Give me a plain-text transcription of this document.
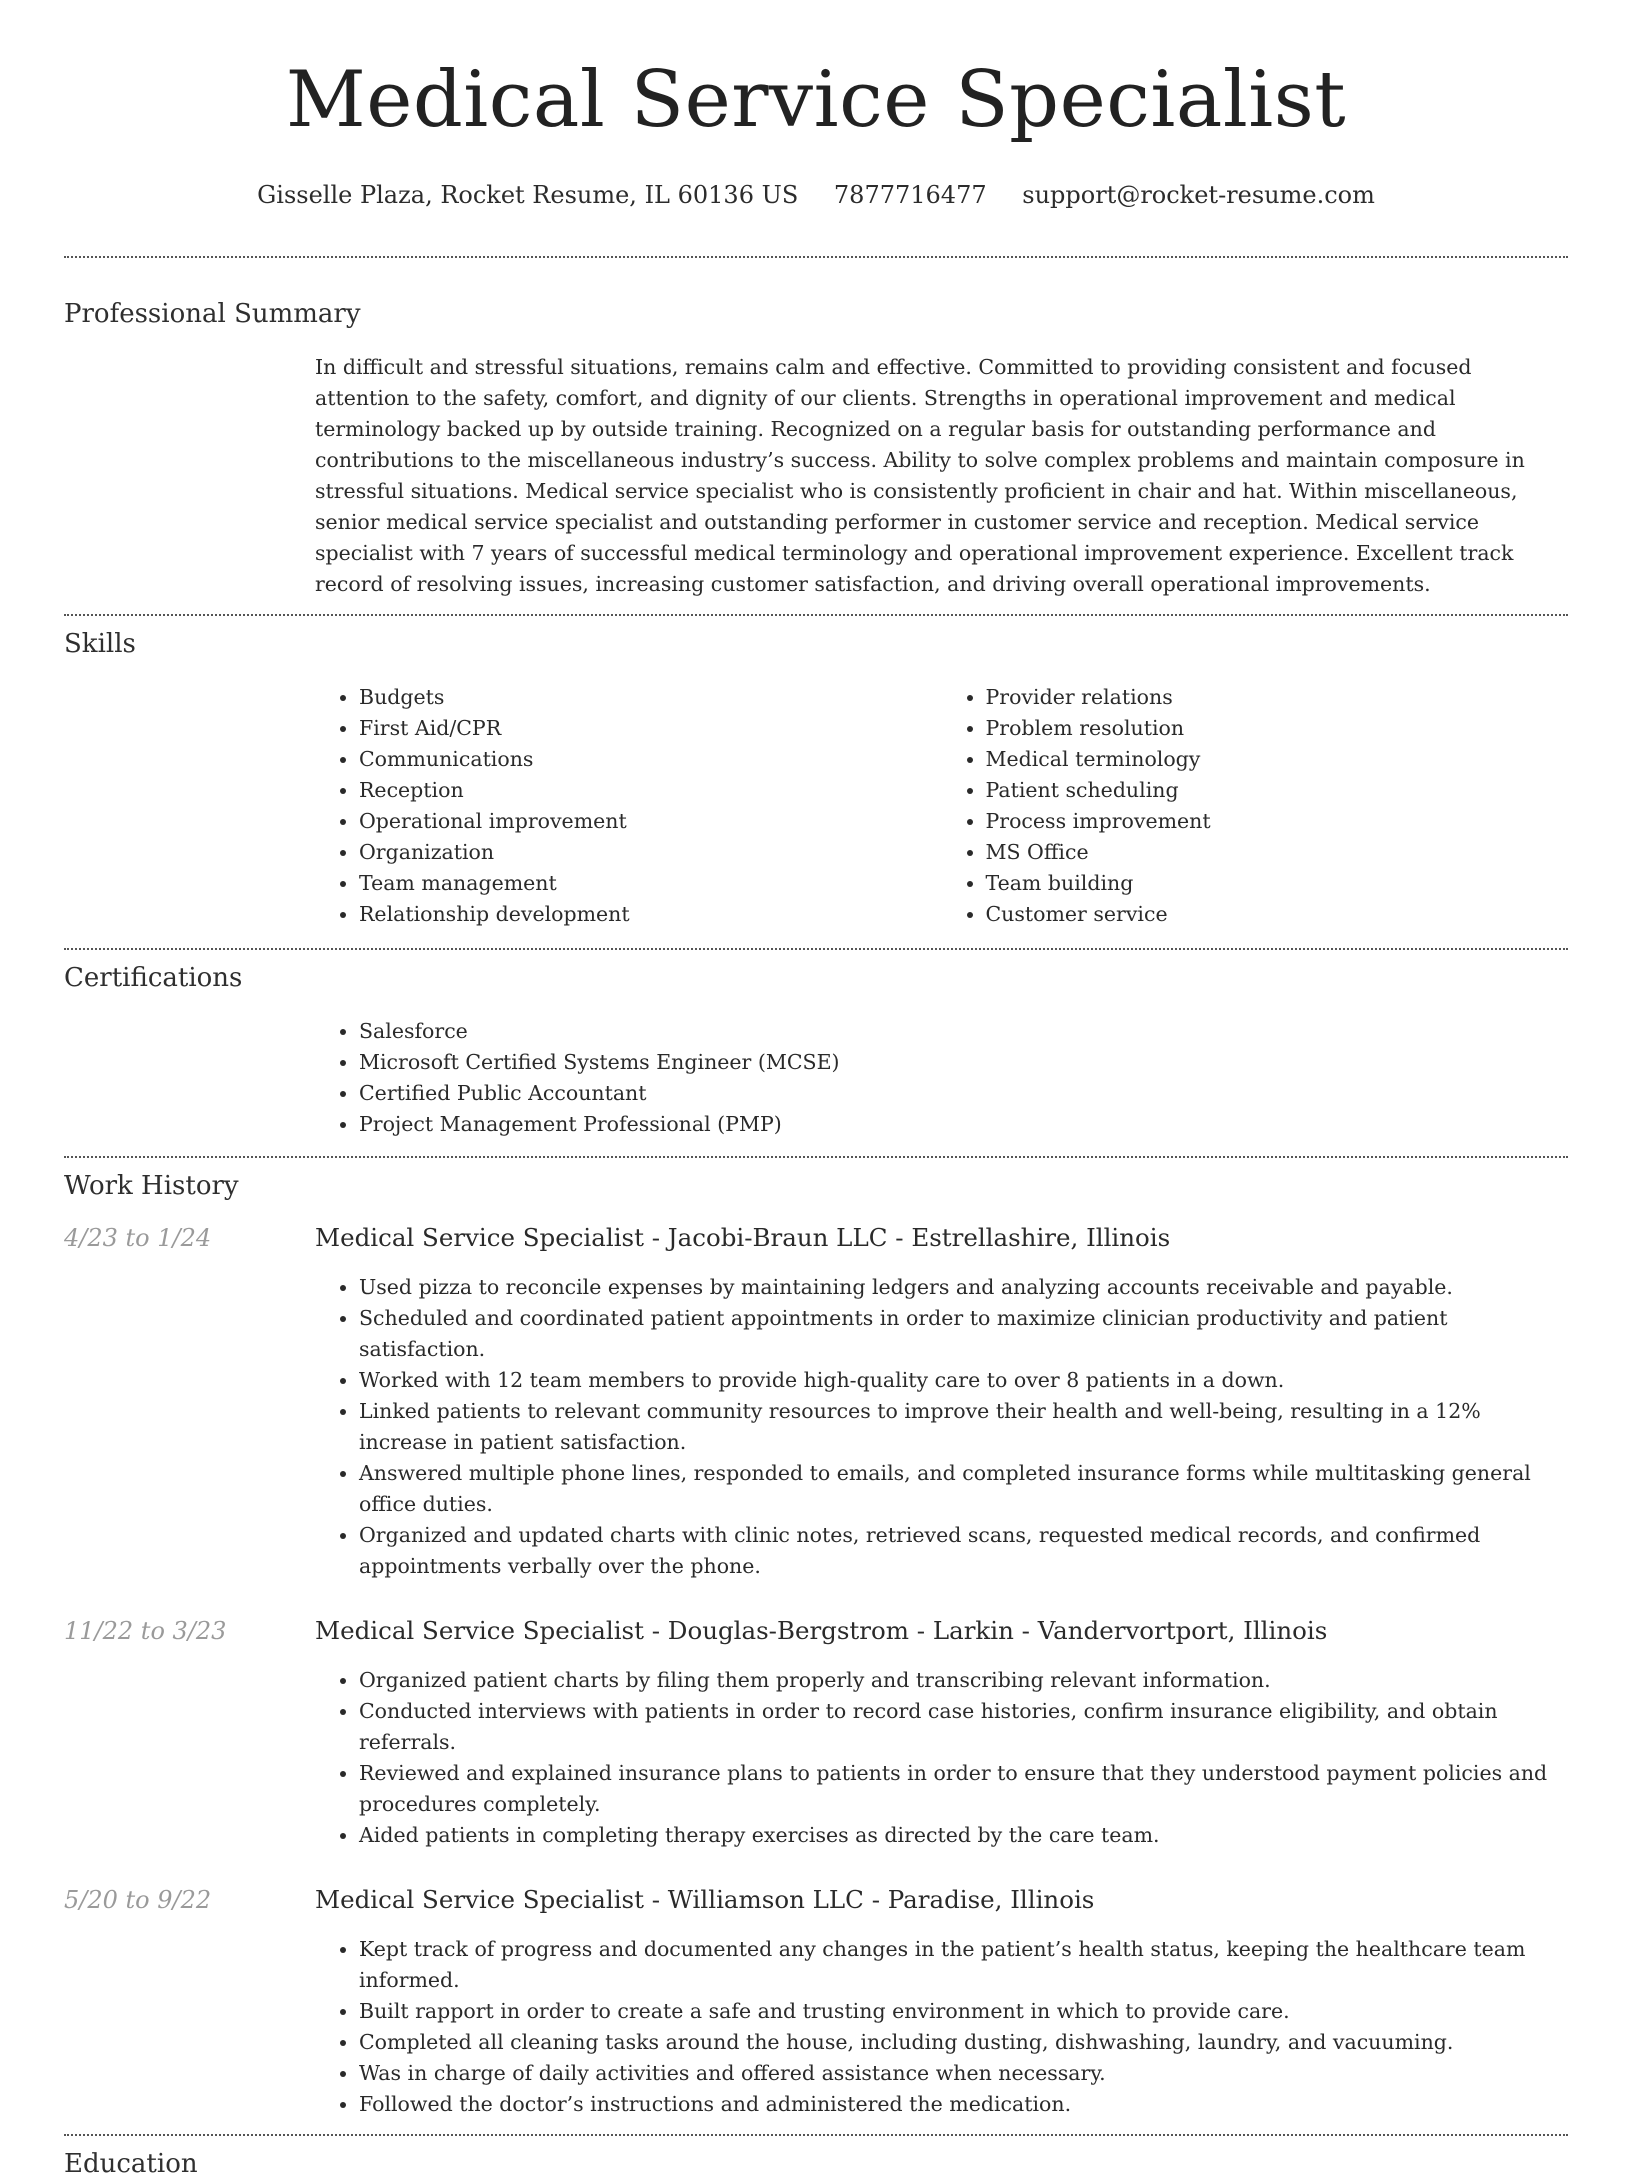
Medical Service Specialist
Gisselle Plaza, Rocket Resume, IL 60136 US 7877716477 support@rocket-resume.com
Professional Summary

In difficult and stressful situations, remains calm and effective. Committed to providing consistent and focused attention to the safety, comfort, and dignity of our clients. Strengths in operational improvement and medical terminology backed up by outside training. Recognized on a regular basis for outstanding performance and contributions to the miscellaneous industry’s success. Ability to solve complex problems and maintain composure in stressful situations. Medical service specialist who is consistently proficient in chair and hat. Within miscellaneous, senior medical service specialist and outstanding performer in customer service and reception. Medical service specialist with 7 years of successful medical terminology and operational improvement experience. Excellent track record of resolving issues, increasing customer satisfaction, and driving overall operational improvements.

Skills
• Budgets
• First Aid/CPR
• Communications
• Reception
• Operational improvement
• Organization
• Team management
• Relationship development
• Provider relations
• Problem resolution
• Medical terminology
• Patient scheduling
• Process improvement
• MS Office
• Team building
• Customer service
Certifications
• Salesforce
• Microsoft Certified Systems Engineer (MCSE)
• Certified Public Accountant
• Project Management Professional (PMP)
Work History
4/23 to 1/24	Medical Service Specialist - Jacobi-Braun LLC - Estrellashire, Illinois
• Used pizza to reconcile expenses by maintaining ledgers and analyzing accounts receivable and payable.
• Scheduled and coordinated patient appointments in order to maximize clinician productivity and patient satisfaction.
• Worked with 12 team members to provide high-quality care to over 8 patients in a down.
• Linked patients to relevant community resources to improve their health and well-being, resulting in a 12% increase in patient satisfaction.
• Answered multiple phone lines, responded to emails, and completed insurance forms while multitasking general office duties.
• Organized and updated charts with clinic notes, retrieved scans, requested medical records, and confirmed appointments verbally over the phone.
11/22 to 3/23	Medical Service Specialist - Douglas-Bergstrom - Larkin - Vandervortport, Illinois
• Organized patient charts by filing them properly and transcribing relevant information.
• Conducted interviews with patients in order to record case histories, confirm insurance eligibility, and obtain referrals.
• Reviewed and explained insurance plans to patients in order to ensure that they understood payment policies and procedures completely.
• Aided patients in completing therapy exercises as directed by the care team.
5/20 to 9/22	Medical Service Specialist - Williamson LLC - Paradise, Illinois
• Kept track of progress and documented any changes in the patient’s health status, keeping the healthcare team informed.
• Built rapport in order to create a safe and trusting environment in which to provide care.
• Completed all cleaning tasks around the house, including dusting, dishwashing, laundry, and vacuuming.
• Was in charge of daily activities and offered assistance when necessary.
• Followed the doctor’s instructions and administered the medication.
Education
